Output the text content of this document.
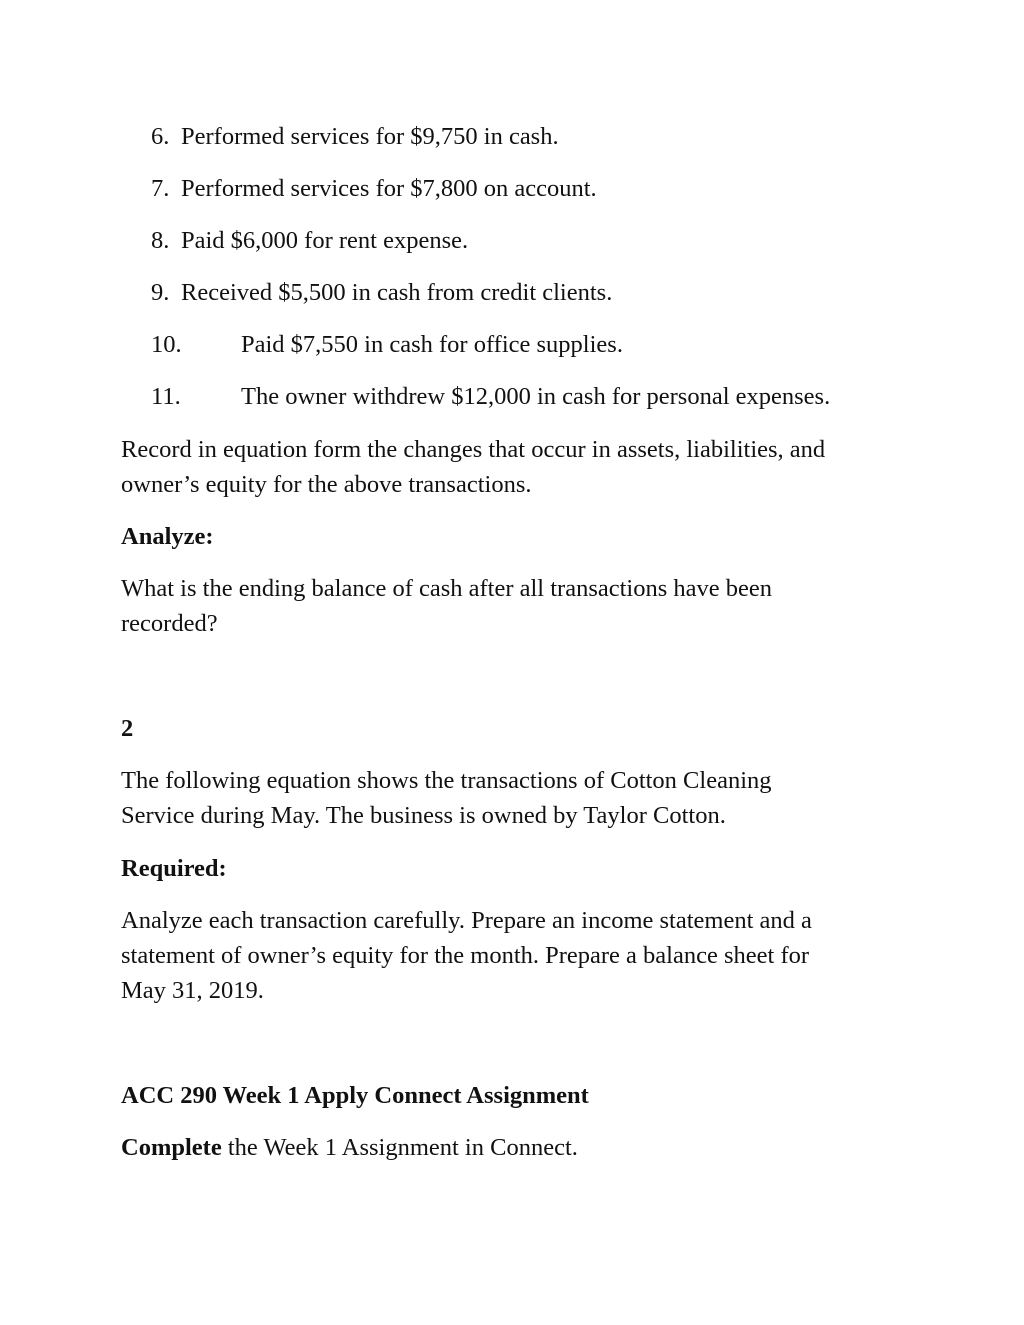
6. Performed services for $9,750 in cash.
7. Performed services for $7,800 on account.
8. Paid $6,000 for rent expense.
9. Received $5,500 in cash from credit clients.
10. Paid $7,550 in cash for office supplies.
11. The owner withdrew $12,000 in cash for personal expenses.
Record in equation form the changes that occur in assets, liabilities, and
owner’s equity for the above transactions.
Analyze:
What is the ending balance of cash after all transactions have been
recorded?
2
The following equation shows the transactions of Cotton Cleaning
Service during May. The business is owned by Taylor Cotton.
Required:
Analyze each transaction carefully. Prepare an income statement and a
statement of owner’s equity for the month. Prepare a balance sheet for
May 31, 2019.
ACC 290 Week 1 Apply Connect Assignment
Complete the Week 1 Assignment in Connect.
